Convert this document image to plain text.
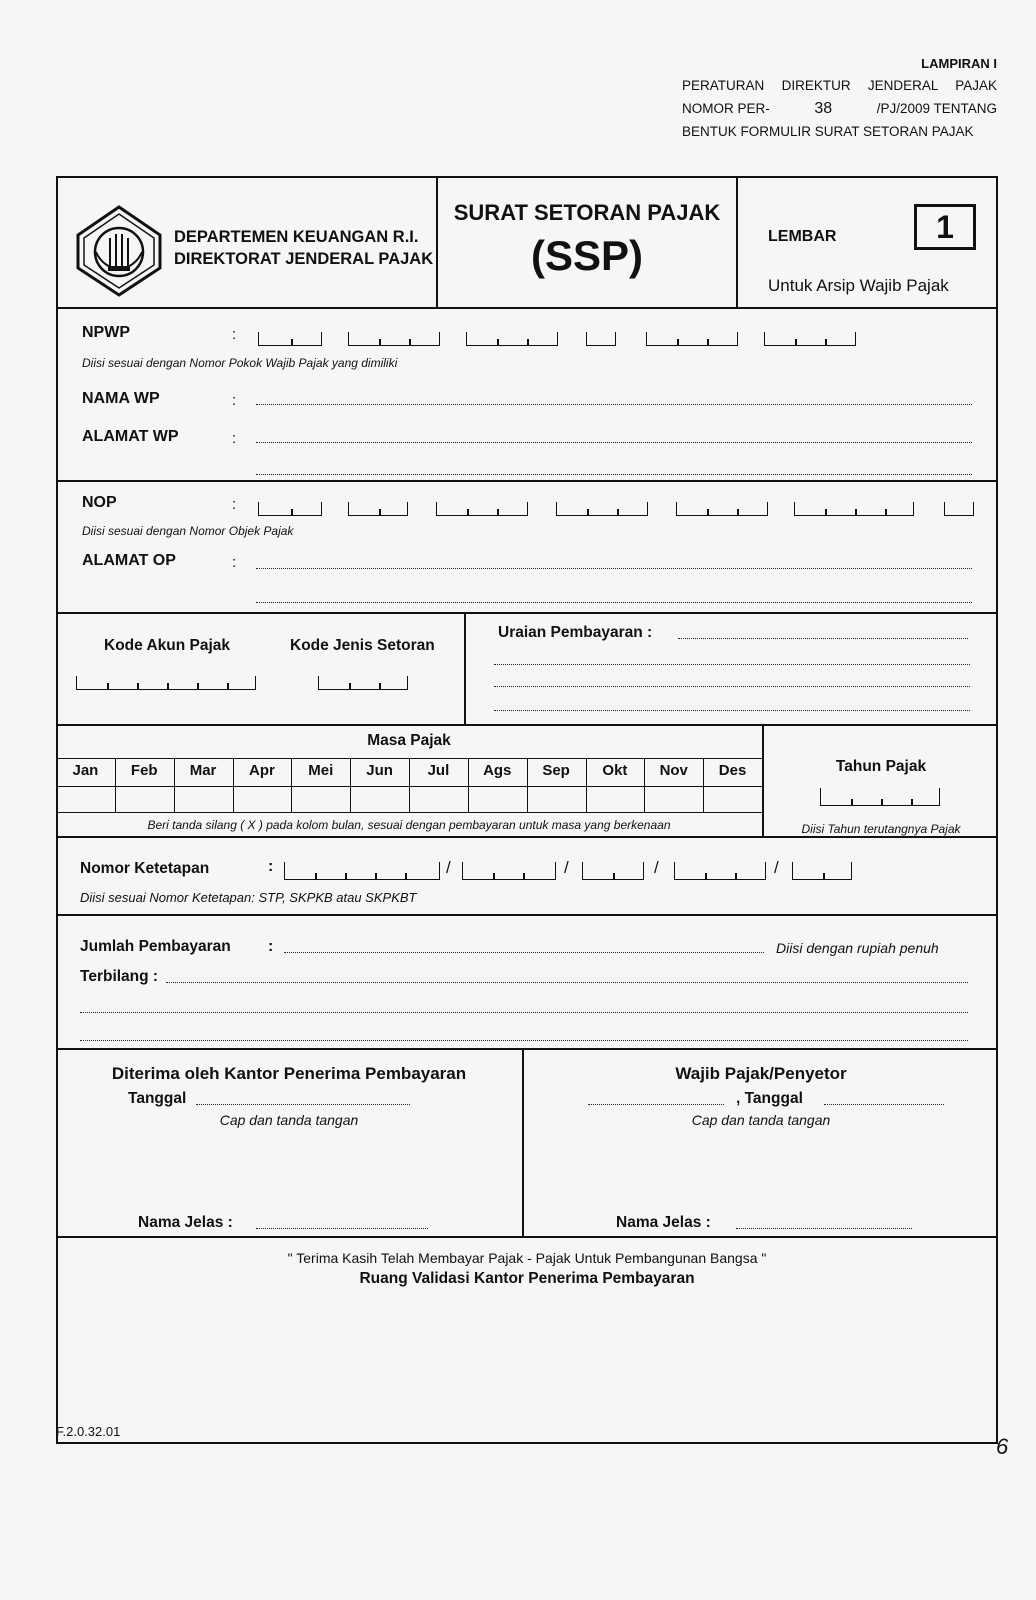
LAMPIRAN I
PERATURAN DIREKTUR JENDERAL PAJAK
NOMOR PER-	38	/PJ/2009 TENTANG
BENTUK FORMULIR SURAT SETORAN PAJAK
DEPARTEMEN KEUANGAN R.I.
DIREKTORAT JENDERAL PAJAK
SURAT SETORAN PAJAK
(SSP)	LEMBAR	1
Untuk Arsip Wajib Pajak
NPWP	:
Diisi sesuai dengan Nomor Pokok Wajib Pajak yang dimiliki
NAMA WP	:
ALAMAT WP	:
NOP	:
Diisi sesuai dengan Nomor Objek Pajak
ALAMAT OP	:
Kode Akun Pajak	Kode Jenis Setoran
Uraian Pembayaran :
Masa Pajak
Jan	Feb	Mar	Apr	Mei	Jun	Jul	Ags	Sep	Okt	Nov	Des
Beri tanda silang ( X ) pada kolom bulan, sesuai dengan pembayaran untuk masa yang berkenaan
Tahun Pajak
Diisi Tahun terutangnya Pajak
Nomor Ketetapan	:	/	/	/	/
Diisi sesuai Nomor Ketetapan: STP, SKPKB atau SKPKBT
Jumlah Pembayaran :	Diisi dengan rupiah penuh
Terbilang :
Diterima oleh Kantor Penerima Pembayaran
Tanggal
Cap dan tanda tangan
Nama Jelas :
Wajib Pajak/Penyetor
, Tanggal
Cap dan tanda tangan
Nama Jelas :
" Terima Kasih Telah Membayar Pajak - Pajak Untuk Pembangunan Bangsa "
Ruang Validasi Kantor Penerima Pembayaran
F.2.0.32.01
6
